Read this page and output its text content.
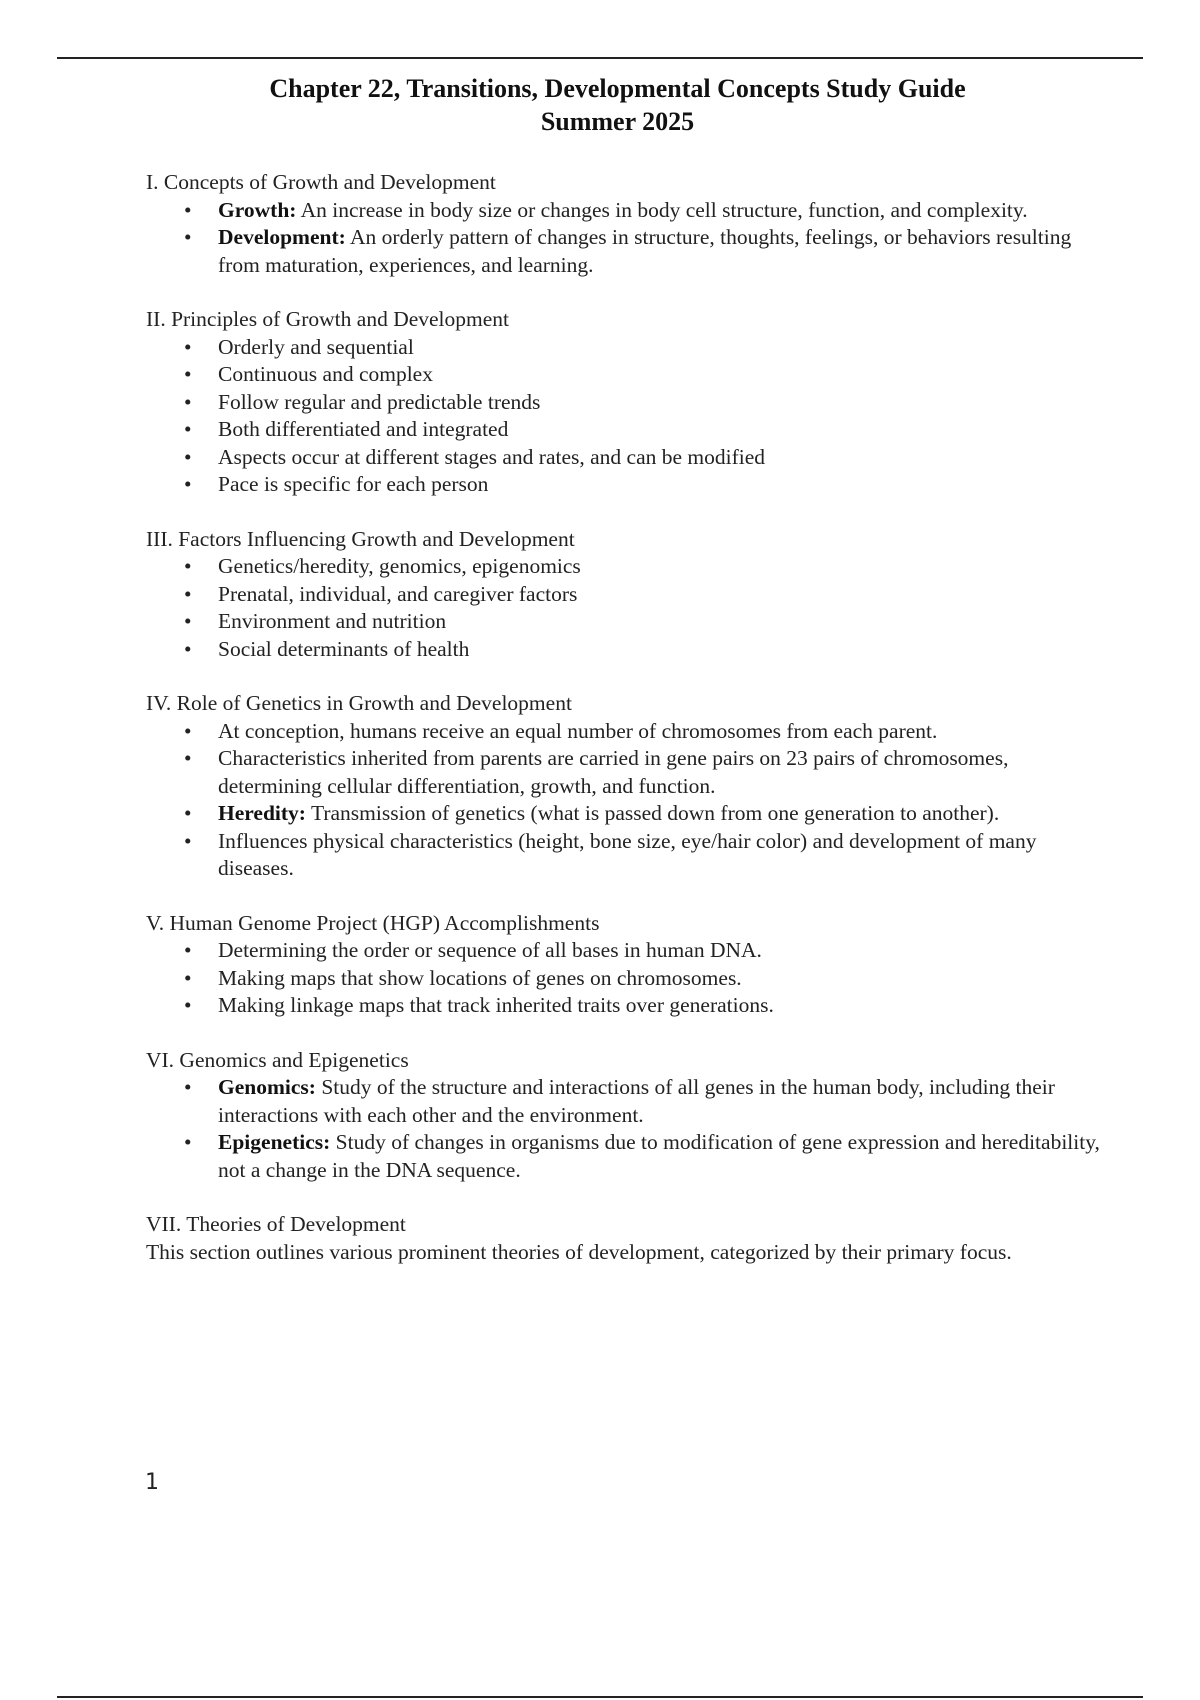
Chapter 22, Transitions, Developmental Concepts Study Guide
Summer 2025
I. Concepts of Growth and Development
• Growth: An increase in body size or changes in body cell structure, function, and complexity.
• Development: An orderly pattern of changes in structure, thoughts, feelings, or behaviors resulting from maturation, experiences, and learning.
II. Principles of Growth and Development
• Orderly and sequential
• Continuous and complex
• Follow regular and predictable trends
• Both differentiated and integrated
• Aspects occur at different stages and rates, and can be modified
• Pace is specific for each person
III. Factors Influencing Growth and Development
• Genetics/heredity, genomics, epigenomics
• Prenatal, individual, and caregiver factors
• Environment and nutrition
• Social determinants of health
IV. Role of Genetics in Growth and Development
• At conception, humans receive an equal number of chromosomes from each parent.
• Characteristics inherited from parents are carried in gene pairs on 23 pairs of chromosomes, determining cellular differentiation, growth, and function.
• Heredity: Transmission of genetics (what is passed down from one generation to another).
• Influences physical characteristics (height, bone size, eye/hair color) and development of many diseases.
V. Human Genome Project (HGP) Accomplishments
• Determining the order or sequence of all bases in human DNA.
• Making maps that show locations of genes on chromosomes.
• Making linkage maps that track inherited traits over generations.
VI. Genomics and Epigenetics
• Genomics: Study of the structure and interactions of all genes in the human body, including their interactions with each other and the environment.
• Epigenetics: Study of changes in organisms due to modification of gene expression and hereditability, not a change in the DNA sequence.
VII. Theories of Development
This section outlines various prominent theories of development, categorized by their primary focus.
1
